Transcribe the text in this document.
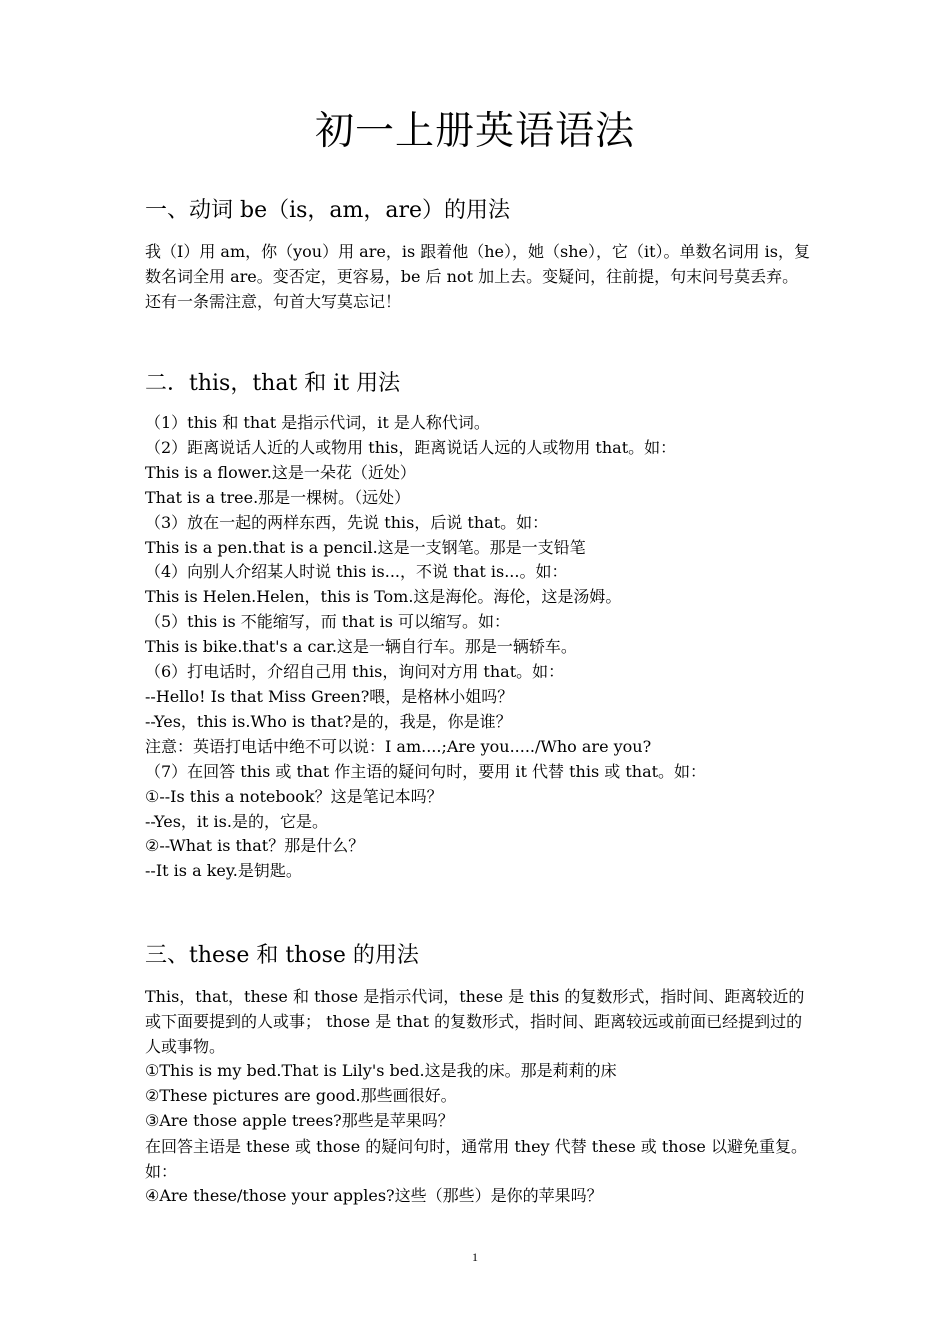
初一上册英语语法

一、动词 be（is，am，are）的用法

我（I）用 am，你（you）用 are，is 跟着他（he），她（she），它（it）。单数名词用 is，复数名词全用 are。变否定，更容易，be 后 not 加上去。变疑问，往前提，句末问号莫丢弃。还有一条需注意，句首大写莫忘记！

二．this，that 和 it 用法

（1）this 和 that 是指示代词，it 是人称代词。

（2）距离说话人近的人或物用 this，距离说话人远的人或物用 that。如：

This is a flower.这是一朵花（近处）

That is a tree.那是一棵树。（远处）

（3）放在一起的两样东西，先说 this，后说 that。如：

This is a pen.that is a pencil.这是一支钢笔。那是一支铅笔

（4）向别人介绍某人时说 this is...，不说 that is...。如：

This is Helen.Helen，this is Tom.这是海伦。海伦，这是汤姆。

（5）this is 不能缩写，而 that is 可以缩写。如：

This is bike.that's a car.这是一辆自行车。那是一辆轿车。

（6）打电话时，介绍自己用 this，询问对方用 that。如：

--Hello! Is that Miss Green?喂，是格林小姐吗？

--Yes，this is.Who is that?是的，我是，你是谁？

注意：英语打电话中绝不可以说：I am....;Are you...../Who are you?

（7）在回答 this 或 that 作主语的疑问句时，要用 it 代替 this 或 that。如：

①--Is this a notebook？这是笔记本吗？

--Yes，it is.是的，它是。

②--What is that？那是什么？

--It is a key.是钥匙。

三、these 和 those 的用法

This，that，these 和 those 是指示代词，these 是 this 的复数形式，指时间、距离较近的或下面要提到的人或事； those 是 that 的复数形式，指时间、距离较远或前面已经提到过的人或事物。

①This is my bed.That is Lily's bed.这是我的床。那是莉莉的床

②These pictures are good.那些画很好。

③Are those apple trees?那些是苹果吗？

在回答主语是 these 或 those 的疑问句时，通常用 they 代替 these 或 those 以避免重复。如：

④Are these/those your apples?这些（那些）是你的苹果吗？

1
